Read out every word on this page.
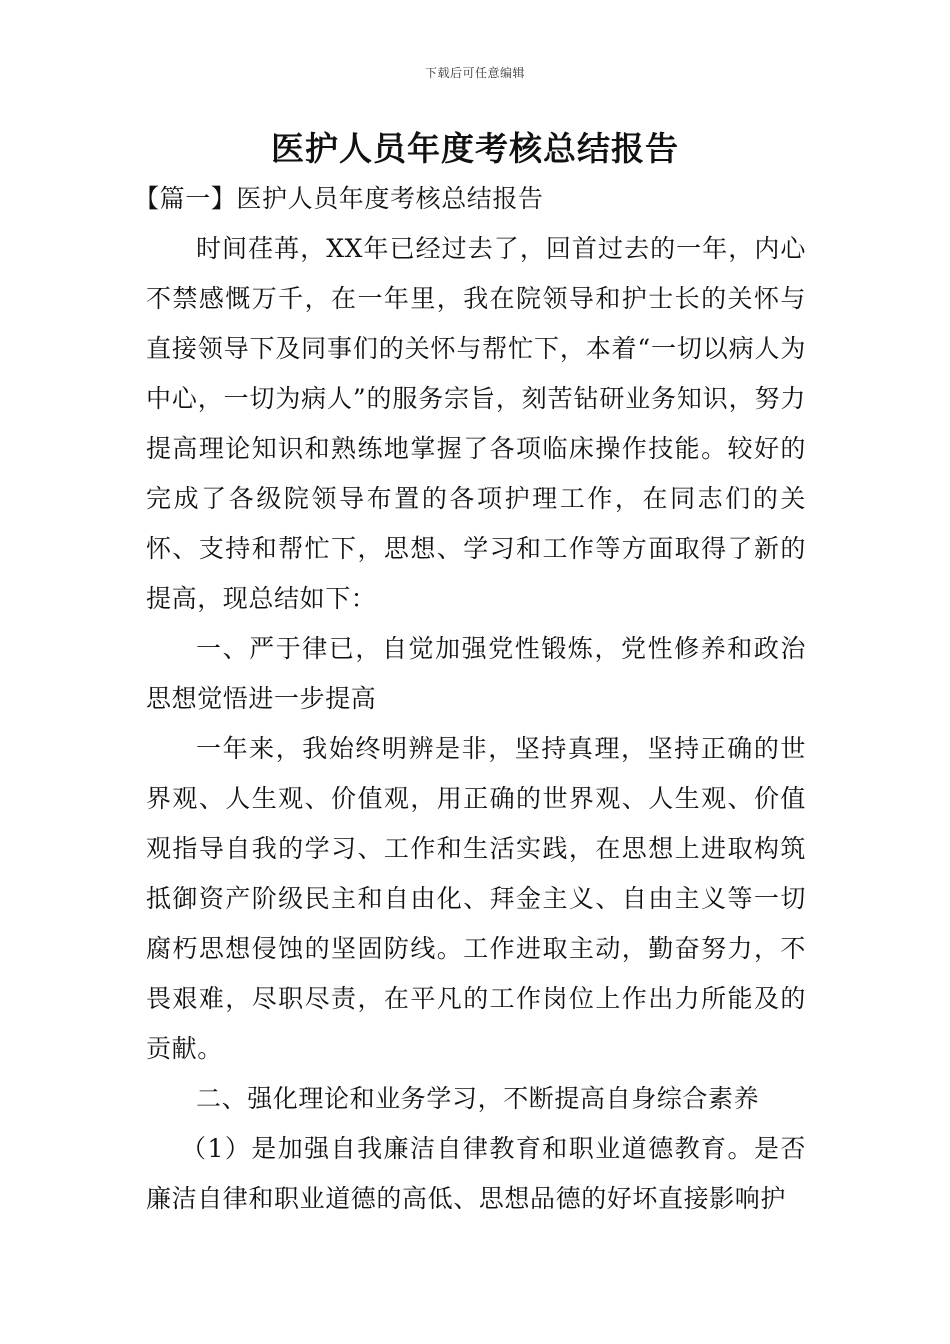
下载后可任意编辑
医护人员年度考核总结报告

【篇一】医护人员年度考核总结报告

时间荏苒，XX年已经过去了，回首过去的一年，内心不禁感慨万千，在一年里，我在院领导和护士长的关怀与直接领导下及同事们的关怀与帮忙下，本着“一切以病人为中心，一切为病人”的服务宗旨，刻苦钻研业务知识，努力提高理论知识和熟练地掌握了各项临床操作技能。较好的完成了各级院领导布置的各项护理工作，在同志们的关怀、支持和帮忙下，思想、学习和工作等方面取得了新的提高，现总结如下：

一、严于律已，自觉加强党性锻炼，党性修养和政治思想觉悟进一步提高

一年来，我始终明辨是非，坚持真理，坚持正确的世界观、人生观、价值观，用正确的世界观、人生观、价值观指导自我的学习、工作和生活实践，在思想上进取构筑抵御资产阶级民主和自由化、拜金主义、自由主义等一切腐朽思想侵蚀的坚固防线。工作进取主动，勤奋努力，不畏艰难，尽职尽责，在平凡的工作岗位上作出力所能及的贡献。

二、强化理论和业务学习，不断提高自身综合素养

（1）是加强自我廉洁自律教育和职业道德教育。是否廉洁自律和职业道德的高低、思想品德的好坏直接影响护
